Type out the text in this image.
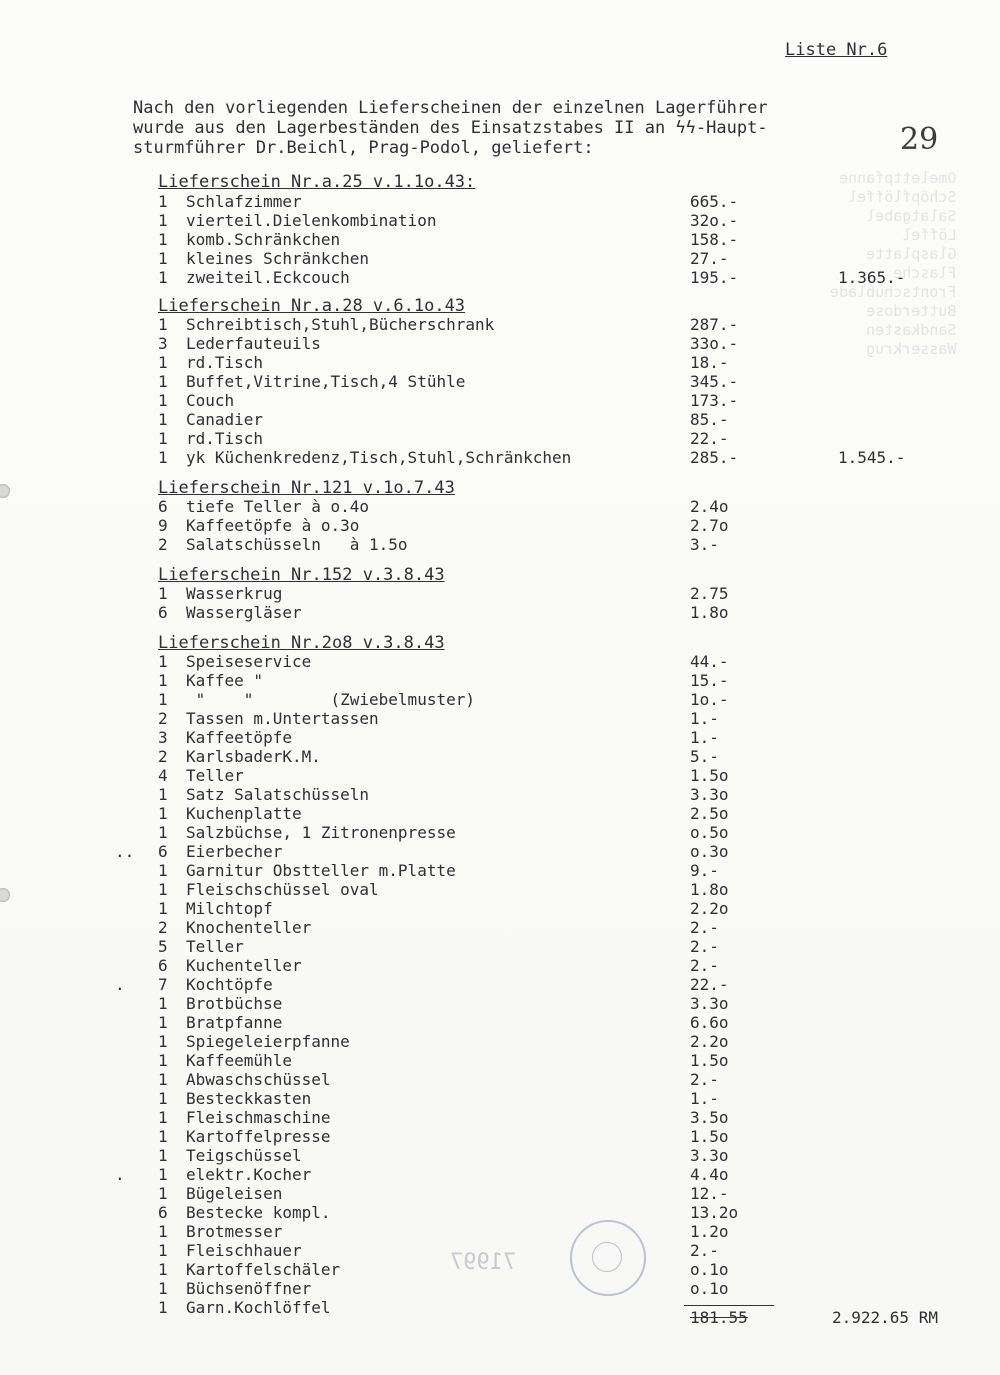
Omelettpfanne
Schöpflöffel
Salatgabel
Löffel
Glasplatte
Flasche
Frontschublade
Butterdose
Sandkasten
Wasserkrug

71997
Liste Nr.6
29
Nach den vorliegenden Lieferscheinen der einzelnen Lagerführer
wurde aus den Lagerbeständen des Einsatzstabes II an ϟϟ-Haupt-
sturmführer Dr.Beichl, Prag-Podol, geliefert:
Lieferschein Nr.a.25 v.1.1o.43:
1	Schlafzimmer	665.-
1	vierteil.Dielenkombination	32o.-
1	komb.Schränkchen	158.-
1	kleines Schränkchen	27.-
1	zweiteil.Eckcouch	195.-	1.365.-
Lieferschein Nr.a.28 v.6.1o.43
1	Schreibtisch,Stuhl,Bücherschrank	287.-
3	Lederfauteuils	33o.-
1	rd.Tisch	18.-
1	Buffet,Vitrine,Tisch,4 Stühle	345.-
1	Couch	173.-
1	Canadier	85.-
1	rd.Tisch	22.-
1	yk Küchenkredenz,Tisch,Stuhl,Schränkchen	285.-	1.545.-
Lieferschein Nr.121 v.1o.7.43
6	tiefe Teller à o.4o	2.4o
9	Kaffeetöpfe à o.3o	2.7o
2	Salatschüsseln   à 1.5o	3.-
Lieferschein Nr.152 v.3.8.43
1	Wasserkrug	2.75
6	Wassergläser	1.8o
Lieferschein Nr.2o8 v.3.8.43
1	Speiseservice	44.-
1	Kaffee "	15.-
1	"    "        (Zwiebelmuster)	1o.-
2	Tassen m.Untertassen	1.-
3	Kaffeetöpfe	1.-
2	KarlsbaderK.M.	5.-
4	Teller	1.5o
1	Satz Salatschüsseln	3.3o
1	Kuchenplatte	2.5o
1	Salzbüchse, 1 Zitronenpresse	o.5o
.. 6	Eierbecher	o.3o
1	Garnitur Obstteller m.Platte	9.-
1	Fleischschüssel oval	1.8o
1	Milchtopf	2.2o
2	Knochenteller	2.-
5	Teller	2.-
6	Kuchenteller	2.-
. 7	Kochtöpfe	22.-
1	Brotbüchse	3.3o
1	Bratpfanne	6.6o
1	Spiegeleierpfanne	2.2o
1	Kaffeemühle	1.5o
1	Abwaschschüssel	2.-
1	Besteckkasten	1.-
1	Fleischmaschine	3.5o
1	Kartoffelpresse	1.5o
1	Teigschüssel	3.3o
. 1	elektr.Kocher	4.4o
1	Bügeleisen	12.-
6	Bestecke kompl.	13.2o
1	Brotmesser	1.2o
1	Fleischhauer	2.-
1	Kartoffelschäler	o.1o
1	Büchsenöffner	o.1o
1	Garn.Kochlöffel
181.55	2.922.65 RM
